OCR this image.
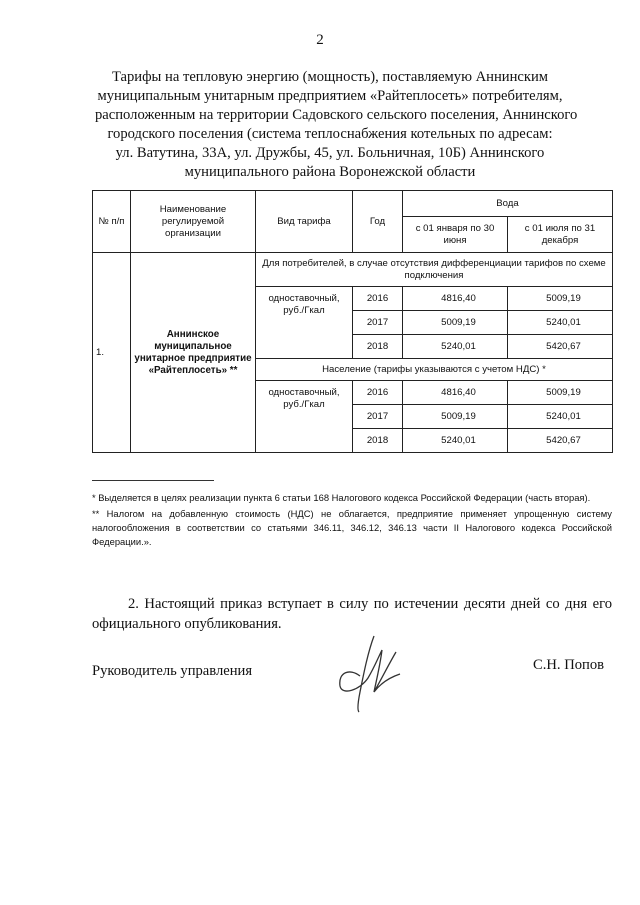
2
Тарифы на тепловую энергию (мощность), поставляемую Аннинским
муниципальным унитарным предприятием «Райтеплосеть» потребителям,
расположенным на территории Садовского сельского поселения, Аннинского
городского поселения (система теплоснабжения котельных по адресам:
ул. Ватутина, 33А, ул. Дружбы, 45, ул. Больничная, 10Б) Аннинского
муниципального района Воронежской области
№ п/п	Наименование регулируемой организации	Вид тарифа	Год	Вода	
				с 01 января по 30 июня	с 01 июля по 31 декабря
1.	Аннинское муниципальное унитарное предприятие «Райтеплосеть» **	Для потребителей, в случае отсутствия дифференциации тарифов по схеме подключения			
		одноставочный, руб./Гкал	2016	4816,40	5009,19
			2017	5009,19	5240,01
			2018	5240,01	5420,67
		Население (тарифы указываются с учетом НДС) *			
		одноставочный, руб./Гкал	2016	4816,40	5009,19
			2017	5009,19	5240,01
			2018	5240,01	5420,67

* Выделяется в целях реализации пункта 6 статьи 168 Налогового кодекса Российской Федерации (часть вторая).

** Налогом на добавленную стоимость (НДС) не облагается, предприятие применяет упрощенную систему налогообложения в соответствии со статьями 346.11, 346.12, 346.13 части II Налогового кодекса Российской Федерации.».

2. Настоящий приказ вступает в силу по истечении десяти дней со дня его официального опубликования.
Руководитель управления	С.Н. Попов
